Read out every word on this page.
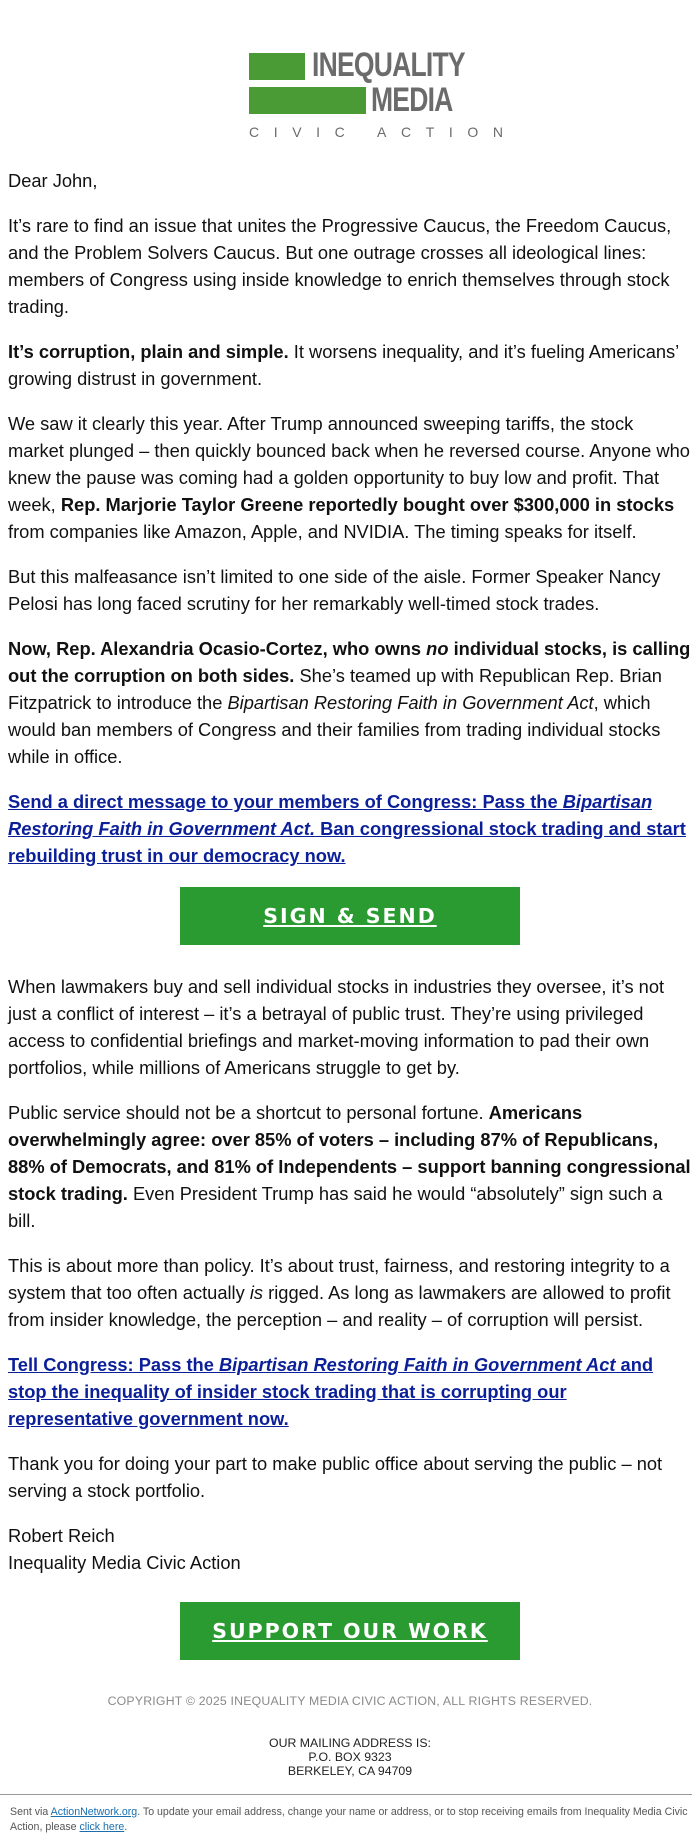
INEQUALITY
MEDIA
CIVIC ACTION

Dear John,

It’s rare to find an issue that unites the Progressive Caucus, the Freedom Caucus, and the Problem Solvers Caucus. But one outrage crosses all ideological lines: members of Congress using inside knowledge to enrich themselves through stock trading.

It’s corruption, plain and simple. It worsens inequality, and it’s fueling Americans’ growing distrust in government.

We saw it clearly this year. After Trump announced sweeping tariffs, the stock market plunged – then quickly bounced back when he reversed course. Anyone who knew the pause was coming had a golden opportunity to buy low and profit. That week, Rep. Marjorie Taylor Greene reportedly bought over $300,000 in stocks from companies like Amazon, Apple, and NVIDIA. The timing speaks for itself.

But this malfeasance isn’t limited to one side of the aisle. Former Speaker Nancy Pelosi has long faced scrutiny for her remarkably well-timed stock trades.

Now, Rep. Alexandria Ocasio-Cortez, who owns no individual stocks, is calling out the corruption on both sides. She’s teamed up with Republican Rep. Brian Fitzpatrick to introduce the Bipartisan Restoring Faith in Government Act, which would ban members of Congress and their families from trading individual stocks while in office.

Send a direct message to your members of Congress: Pass the Bipartisan Restoring Faith in Government Act. Ban congressional stock trading and start rebuilding trust in our democracy now.

SIGN & SEND

When lawmakers buy and sell individual stocks in industries they oversee, it’s not just a conflict of interest – it’s a betrayal of public trust. They’re using privileged access to confidential briefings and market-moving information to pad their own portfolios, while millions of Americans struggle to get by.

Public service should not be a shortcut to personal fortune. Americans overwhelmingly agree: over 85% of voters – including 87% of Republicans, 88% of Democrats, and 81% of Independents – support banning congressional stock trading. Even President Trump has said he would “absolutely” sign such a bill.

This is about more than policy. It’s about trust, fairness, and restoring integrity to a system that too often actually is rigged. As long as lawmakers are allowed to profit from insider knowledge, the perception – and reality – of corruption will persist.

Tell Congress: Pass the Bipartisan Restoring Faith in Government Act and stop the inequality of insider stock trading that is corrupting our representative government now.

Thank you for doing your part to make public office about serving the public – not serving a stock portfolio.

Robert Reich
Inequality Media Civic Action

SUPPORT OUR WORK
COPYRIGHT © 2025 INEQUALITY MEDIA CIVIC ACTION, ALL RIGHTS RESERVED.
OUR MAILING ADDRESS IS:
P.O. BOX 9323
BERKELEY, CA 94709
Sent via ActionNetwork.org. To update your email address, change your name or address, or to stop receiving emails from Inequality Media Civic Action, please click here.
